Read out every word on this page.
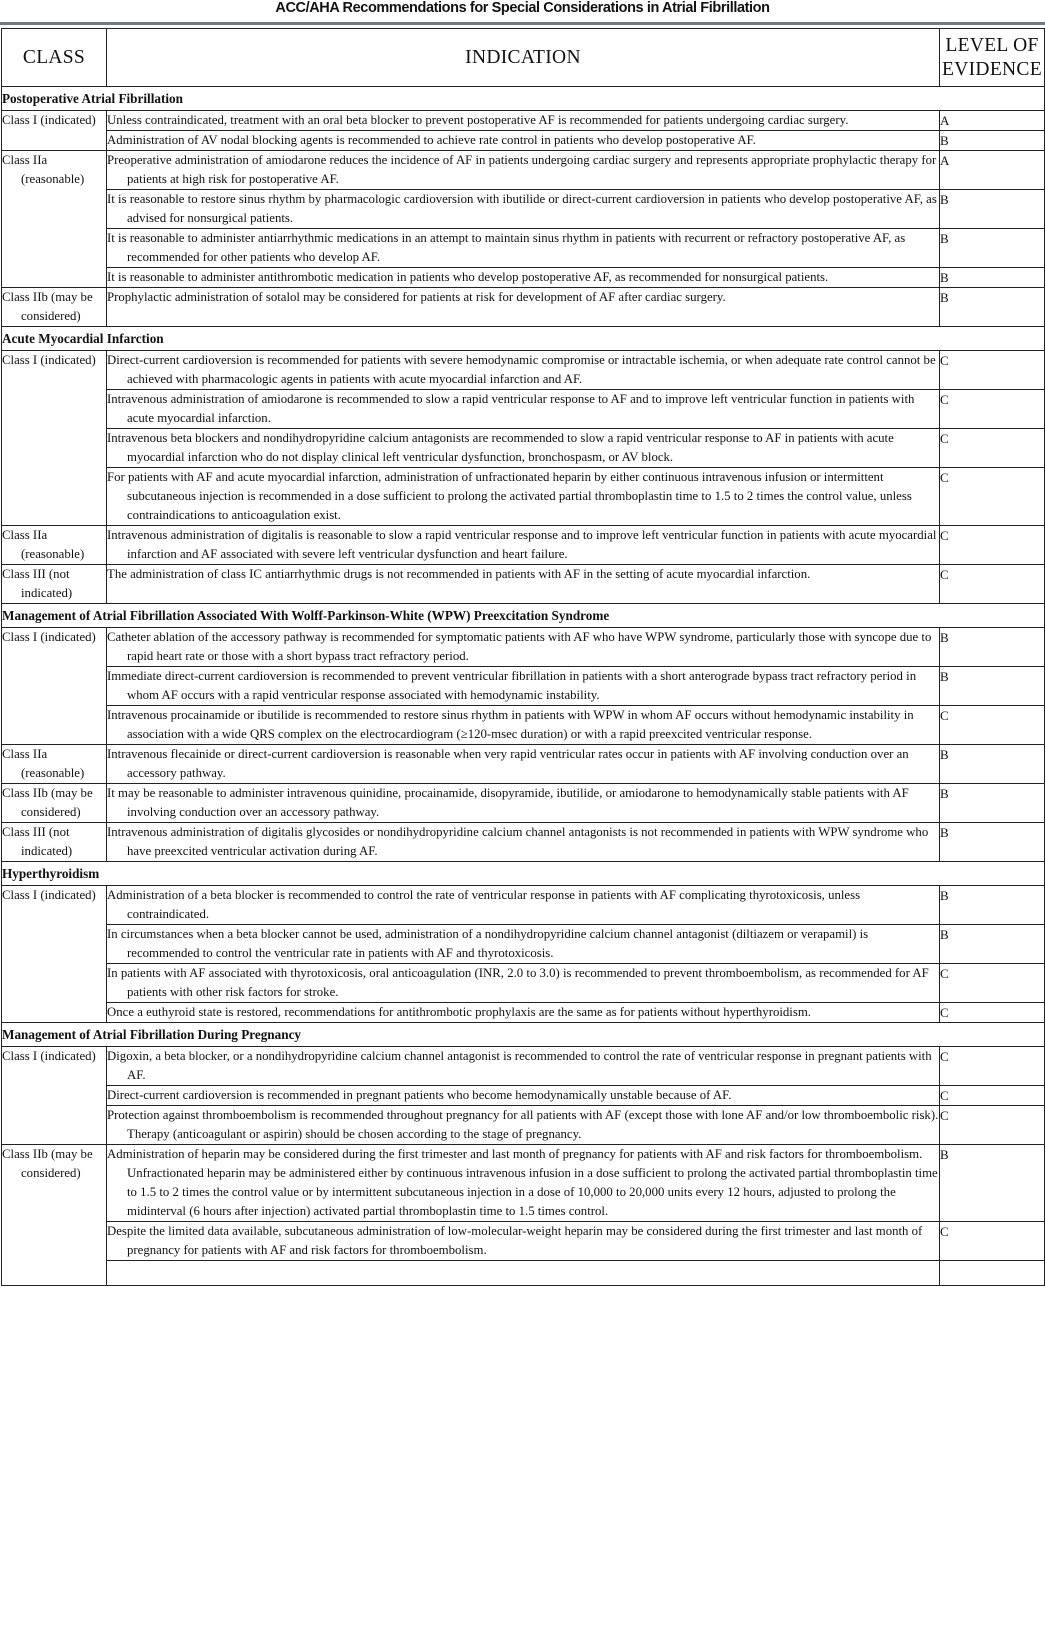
ACC/AHA Recommendations for Special Considerations in Atrial Fibrillation
CLASS	INDICATION	LEVEL OF
EVIDENCE
Postoperative Atrial Fibrillation		

Class I (indicated)	Unless contraindicated, treatment with an oral beta blocker to prevent postoperative AF is recommended for patients undergoing cardiac surgery.	A

	Administration of AV nodal blocking agents is recommended to achieve rate control in patients who develop postoperative AF.	B

Class IIa (reasonable)	Preoperative administration of amiodarone reduces the incidence of AF in patients undergoing cardiac surgery and represents appropriate prophylactic therapy for patients at high risk for postoperative AF.	A

	It is reasonable to restore sinus rhythm by pharmacologic cardioversion with ibutilide or direct-current cardioversion in patients who develop postoperative AF, as advised for nonsurgical patients.	B

	It is reasonable to administer antiarrhythmic medications in an attempt to maintain sinus rhythm in patients with recurrent or refractory postoperative AF, as recommended for other patients who develop AF.	B

	It is reasonable to administer antithrombotic medication in patients who develop postoperative AF, as recommended for nonsurgical patients.	B

Class IIb (may be considered)	Prophylactic administration of sotalol may be considered for patients at risk for development of AF after cardiac surgery.	B
Acute Myocardial Infarction		

Class I (indicated)	Direct-current cardioversion is recommended for patients with severe hemodynamic compromise or intractable ischemia, or when adequate rate control cannot be achieved with pharmacologic agents in patients with acute myocardial infarction and AF.	C

	Intravenous administration of amiodarone is recommended to slow a rapid ventricular response to AF and to improve left ventricular function in patients with acute myocardial infarction.	C

	Intravenous beta blockers and nondihydropyridine calcium antagonists are recommended to slow a rapid ventricular response to AF in patients with acute myocardial infarction who do not display clinical left ventricular dysfunction, bronchospasm, or AV block.	C

	For patients with AF and acute myocardial infarction, administration of unfractionated heparin by either continuous intravenous infusion or intermittent subcutaneous injection is recommended in a dose sufficient to prolong the activated partial thromboplastin time to 1.5 to 2 times the control value, unless contraindications to anticoagulation exist.	C

Class IIa (reasonable)	Intravenous administration of digitalis is reasonable to slow a rapid ventricular response and to improve left ventricular function in patients with acute myocardial infarction and AF associated with severe left ventricular dysfunction and heart failure.	C

Class III (not indicated)	The administration of class IC antiarrhythmic drugs is not recommended in patients with AF in the setting of acute myocardial infarction.	C
Management of Atrial Fibrillation Associated With Wolff-Parkinson-White (WPW) Preexcitation Syndrome		

Class I (indicated)	Catheter ablation of the accessory pathway is recommended for symptomatic patients with AF who have WPW syndrome, particularly those with syncope due to rapid heart rate or those with a short bypass tract refractory period.	B

	Immediate direct-current cardioversion is recommended to prevent ventricular fibrillation in patients with a short anterograde bypass tract refractory period in whom AF occurs with a rapid ventricular response associated with hemodynamic instability.	B

	Intravenous procainamide or ibutilide is recommended to restore sinus rhythm in patients with WPW in whom AF occurs without hemodynamic instability in association with a wide QRS complex on the electrocardiogram (≥120-msec duration) or with a rapid preexcited ventricular response.	C

Class IIa (reasonable)	Intravenous flecainide or direct-current cardioversion is reasonable when very rapid ventricular rates occur in patients with AF involving conduction over an accessory pathway.	B

Class IIb (may be considered)	It may be reasonable to administer intravenous quinidine, procainamide, disopyramide, ibutilide, or amiodarone to hemodynamically stable patients with AF involving conduction over an accessory pathway.	B

Class III (not indicated)	Intravenous administration of digitalis glycosides or nondihydropyridine calcium channel antagonists is not recommended in patients with WPW syndrome who have preexcited ventricular activation during AF.	B
Hyperthyroidism		

Class I (indicated)	Administration of a beta blocker is recommended to control the rate of ventricular response in patients with AF complicating thyrotoxicosis, unless contraindicated.	B

	In circumstances when a beta blocker cannot be used, administration of a nondihydropyridine calcium channel antagonist (diltiazem or verapamil) is recommended to control the ventricular rate in patients with AF and thyrotoxicosis.	B

	In patients with AF associated with thyrotoxicosis, oral anticoagulation (INR, 2.0 to 3.0) is recommended to prevent thromboembolism, as recommended for AF patients with other risk factors for stroke.	C

	Once a euthyroid state is restored, recommendations for antithrombotic prophylaxis are the same as for patients without hyperthyroidism.	C
Management of Atrial Fibrillation During Pregnancy		

Class I (indicated)	Digoxin, a beta blocker, or a nondihydropyridine calcium channel antagonist is recommended to control the rate of ventricular response in pregnant patients with AF.	C

	Direct-current cardioversion is recommended in pregnant patients who become hemodynamically unstable because of AF.	C

	Protection against thromboembolism is recommended throughout pregnancy for all patients with AF (except those with lone AF and/or low thromboembolic risk). Therapy (anticoagulant or aspirin) should be chosen according to the stage of pregnancy.	C

Class IIb (may be considered)	Administration of heparin may be considered during the first trimester and last month of pregnancy for patients with AF and risk factors for thromboembolism. Unfractionated heparin may be administered either by continuous intravenous infusion in a dose sufficient to prolong the activated partial thromboplastin time to 1.5 to 2 times the control value or by intermittent subcutaneous injection in a dose of 10,000 to 20,000 units every 12 hours, adjusted to prolong the midinterval (6 hours after injection) activated partial thromboplastin time to 1.5 times control.	B

	Despite the limited data available, subcutaneous administration of low-molecular-weight heparin may be considered during the first trimester and last month of pregnancy for patients with AF and risk factors for thromboembolism.	C
